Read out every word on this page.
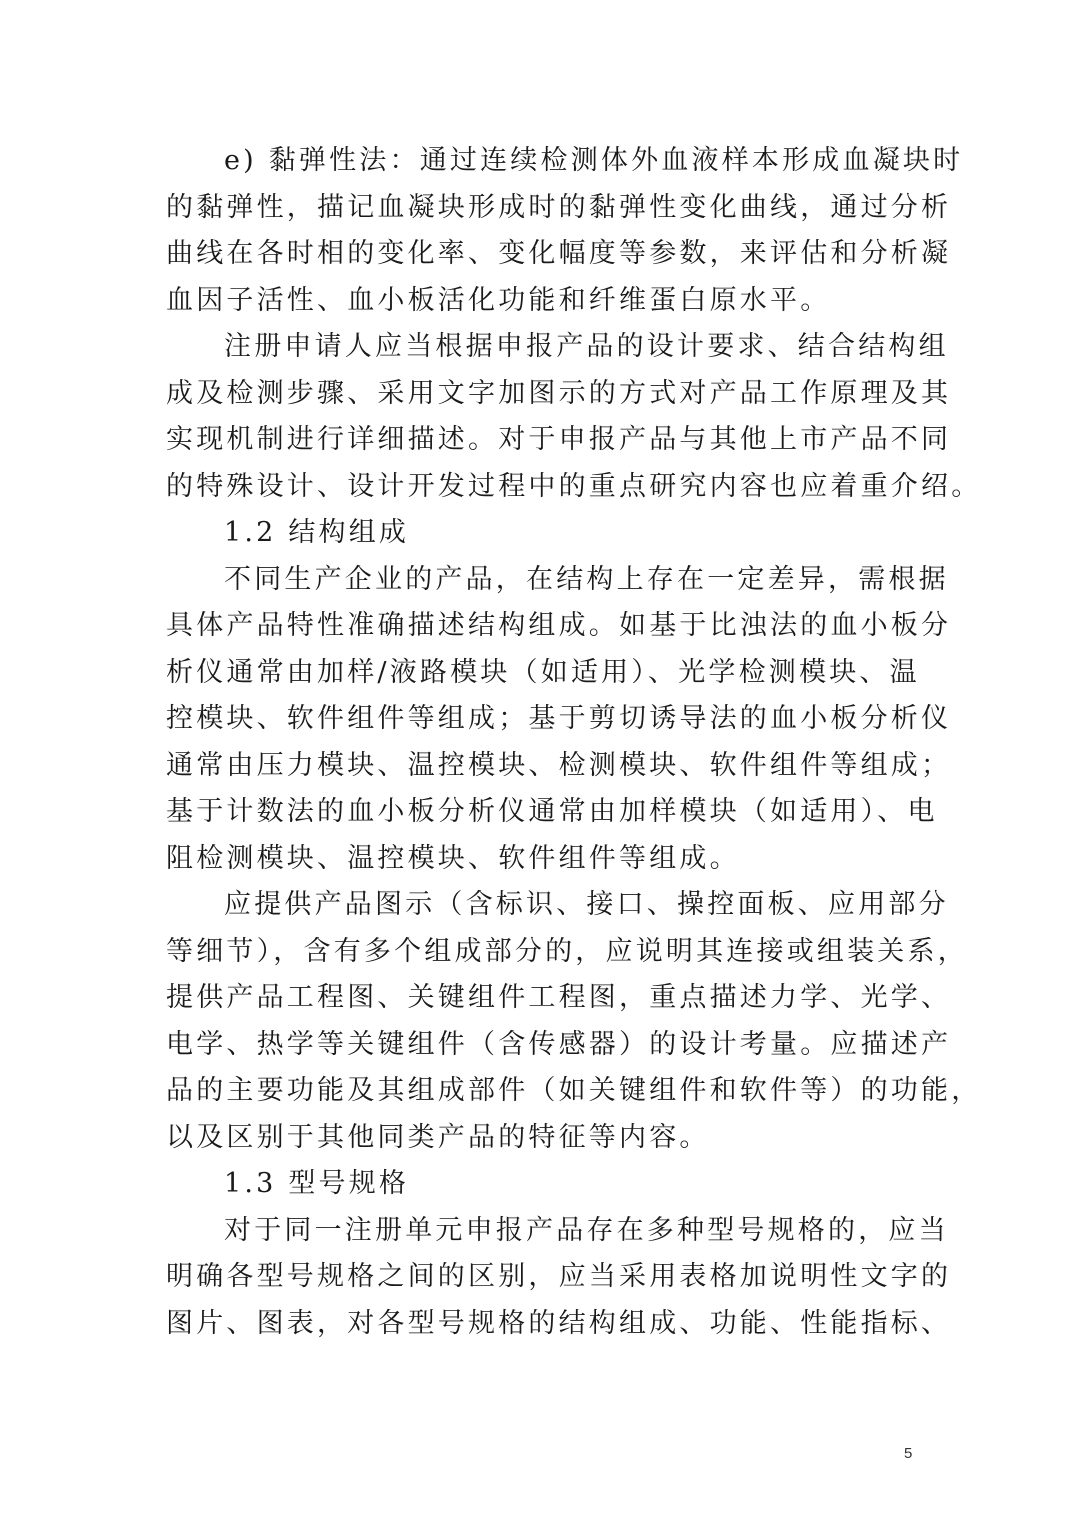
e) 黏弹性法：通过连续检测体外血液样本形成血凝块时
的黏弹性，描记血凝块形成时的黏弹性变化曲线，通过分析
曲线在各时相的变化率、变化幅度等参数，来评估和分析凝
血因子活性、血小板活化功能和纤维蛋白原水平。
注册申请人应当根据申报产品的设计要求、结合结构组
成及检测步骤、采用文字加图示的方式对产品工作原理及其
实现机制进行详细描述。对于申报产品与其他上市产品不同
的特殊设计、设计开发过程中的重点研究内容也应着重介绍。
1.2 结构组成
不同生产企业的产品，在结构上存在一定差异，需根据
具体产品特性准确描述结构组成。如基于比浊法的血小板分
析仪通常由加样/液路模块（如适用）、光学检测模块、温
控模块、软件组件等组成；基于剪切诱导法的血小板分析仪
通常由压力模块、温控模块、检测模块、软件组件等组成；
基于计数法的血小板分析仪通常由加样模块（如适用）、电
阻检测模块、温控模块、软件组件等组成。
应提供产品图示（含标识、接口、操控面板、应用部分
等细节），含有多个组成部分的，应说明其连接或组装关系，
提供产品工程图、关键组件工程图，重点描述力学、光学、
电学、热学等关键组件（含传感器）的设计考量。应描述产
品的主要功能及其组成部件（如关键组件和软件等）的功能，
以及区别于其他同类产品的特征等内容。
1.3 型号规格
对于同一注册单元申报产品存在多种型号规格的，应当
明确各型号规格之间的区别，应当采用表格加说明性文字的
图片、图表，对各型号规格的结构组成、功能、性能指标、
5
